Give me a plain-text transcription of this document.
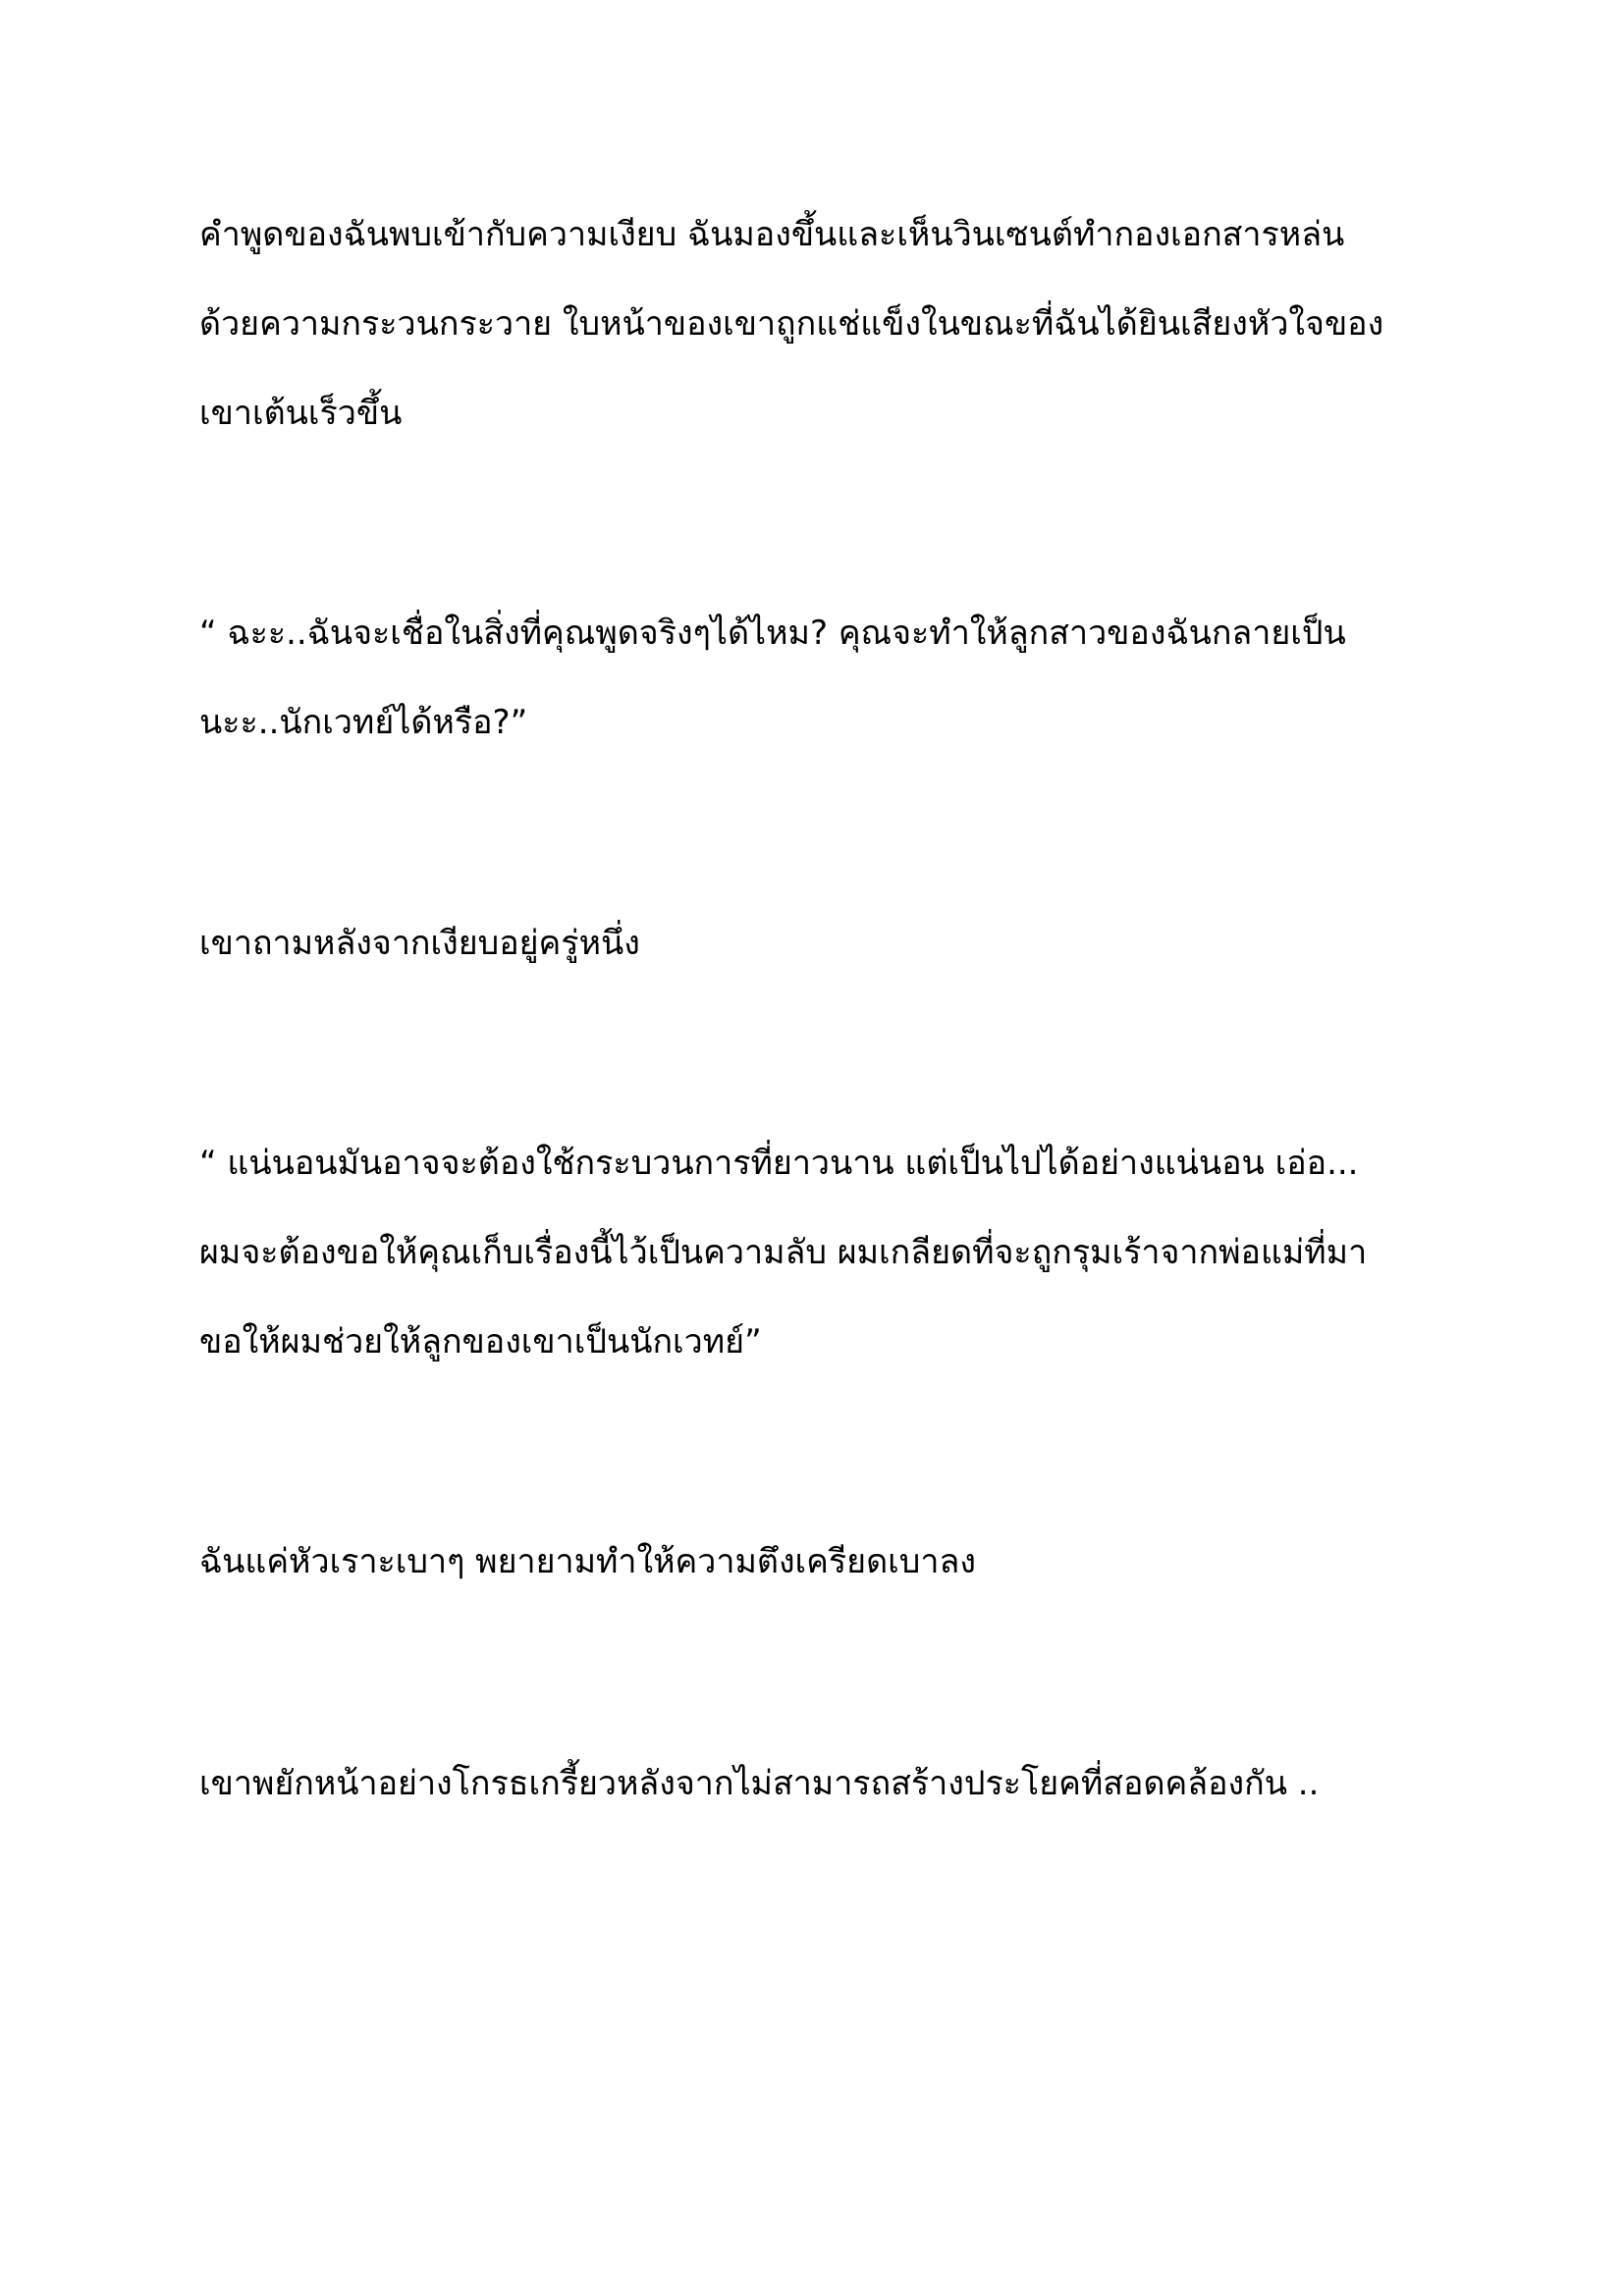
คำพูดของฉันพบเข้ากับความเงียบ ฉันมองขึ้นและเห็นวินเซนต์ทำกองเอกสารหล่น
ด้วยความกระวนกระวาย ใบหน้าของเขาถูกแช่แข็งในขณะที่ฉันได้ยินเสียงหัวใจของ
เขาเต้นเร็วขึ้น

“ ฉะะ..ฉันจะเชื่อในสิ่งที่คุณพูดจริงๆได้ไหม? คุณจะทำให้ลูกสาวของฉันกลายเป็น
นะะ..นักเวทย์ได้หรือ?”

เขาถามหลังจากเงียบอยู่ครู่หนึ่ง

“ แน่นอนมันอาจจะต้องใช้กระบวนการที่ยาวนาน แต่เป็นไปได้อย่างแน่นอน เอ่อ...
ผมจะต้องขอให้คุณเก็บเรื่องนี้ไว้เป็นความลับ ผมเกลียดที่จะถูกรุมเร้าจากพ่อแม่ที่มา
ขอให้ผมช่วยให้ลูกของเขาเป็นนักเวทย์”

ฉันแค่หัวเราะเบาๆ พยายามทำให้ความตึงเครียดเบาลง

เขาพยักหน้าอย่างโกรธเกรี้ยวหลังจากไม่สามารถสร้างประโยคที่สอดคล้องกัน ..
